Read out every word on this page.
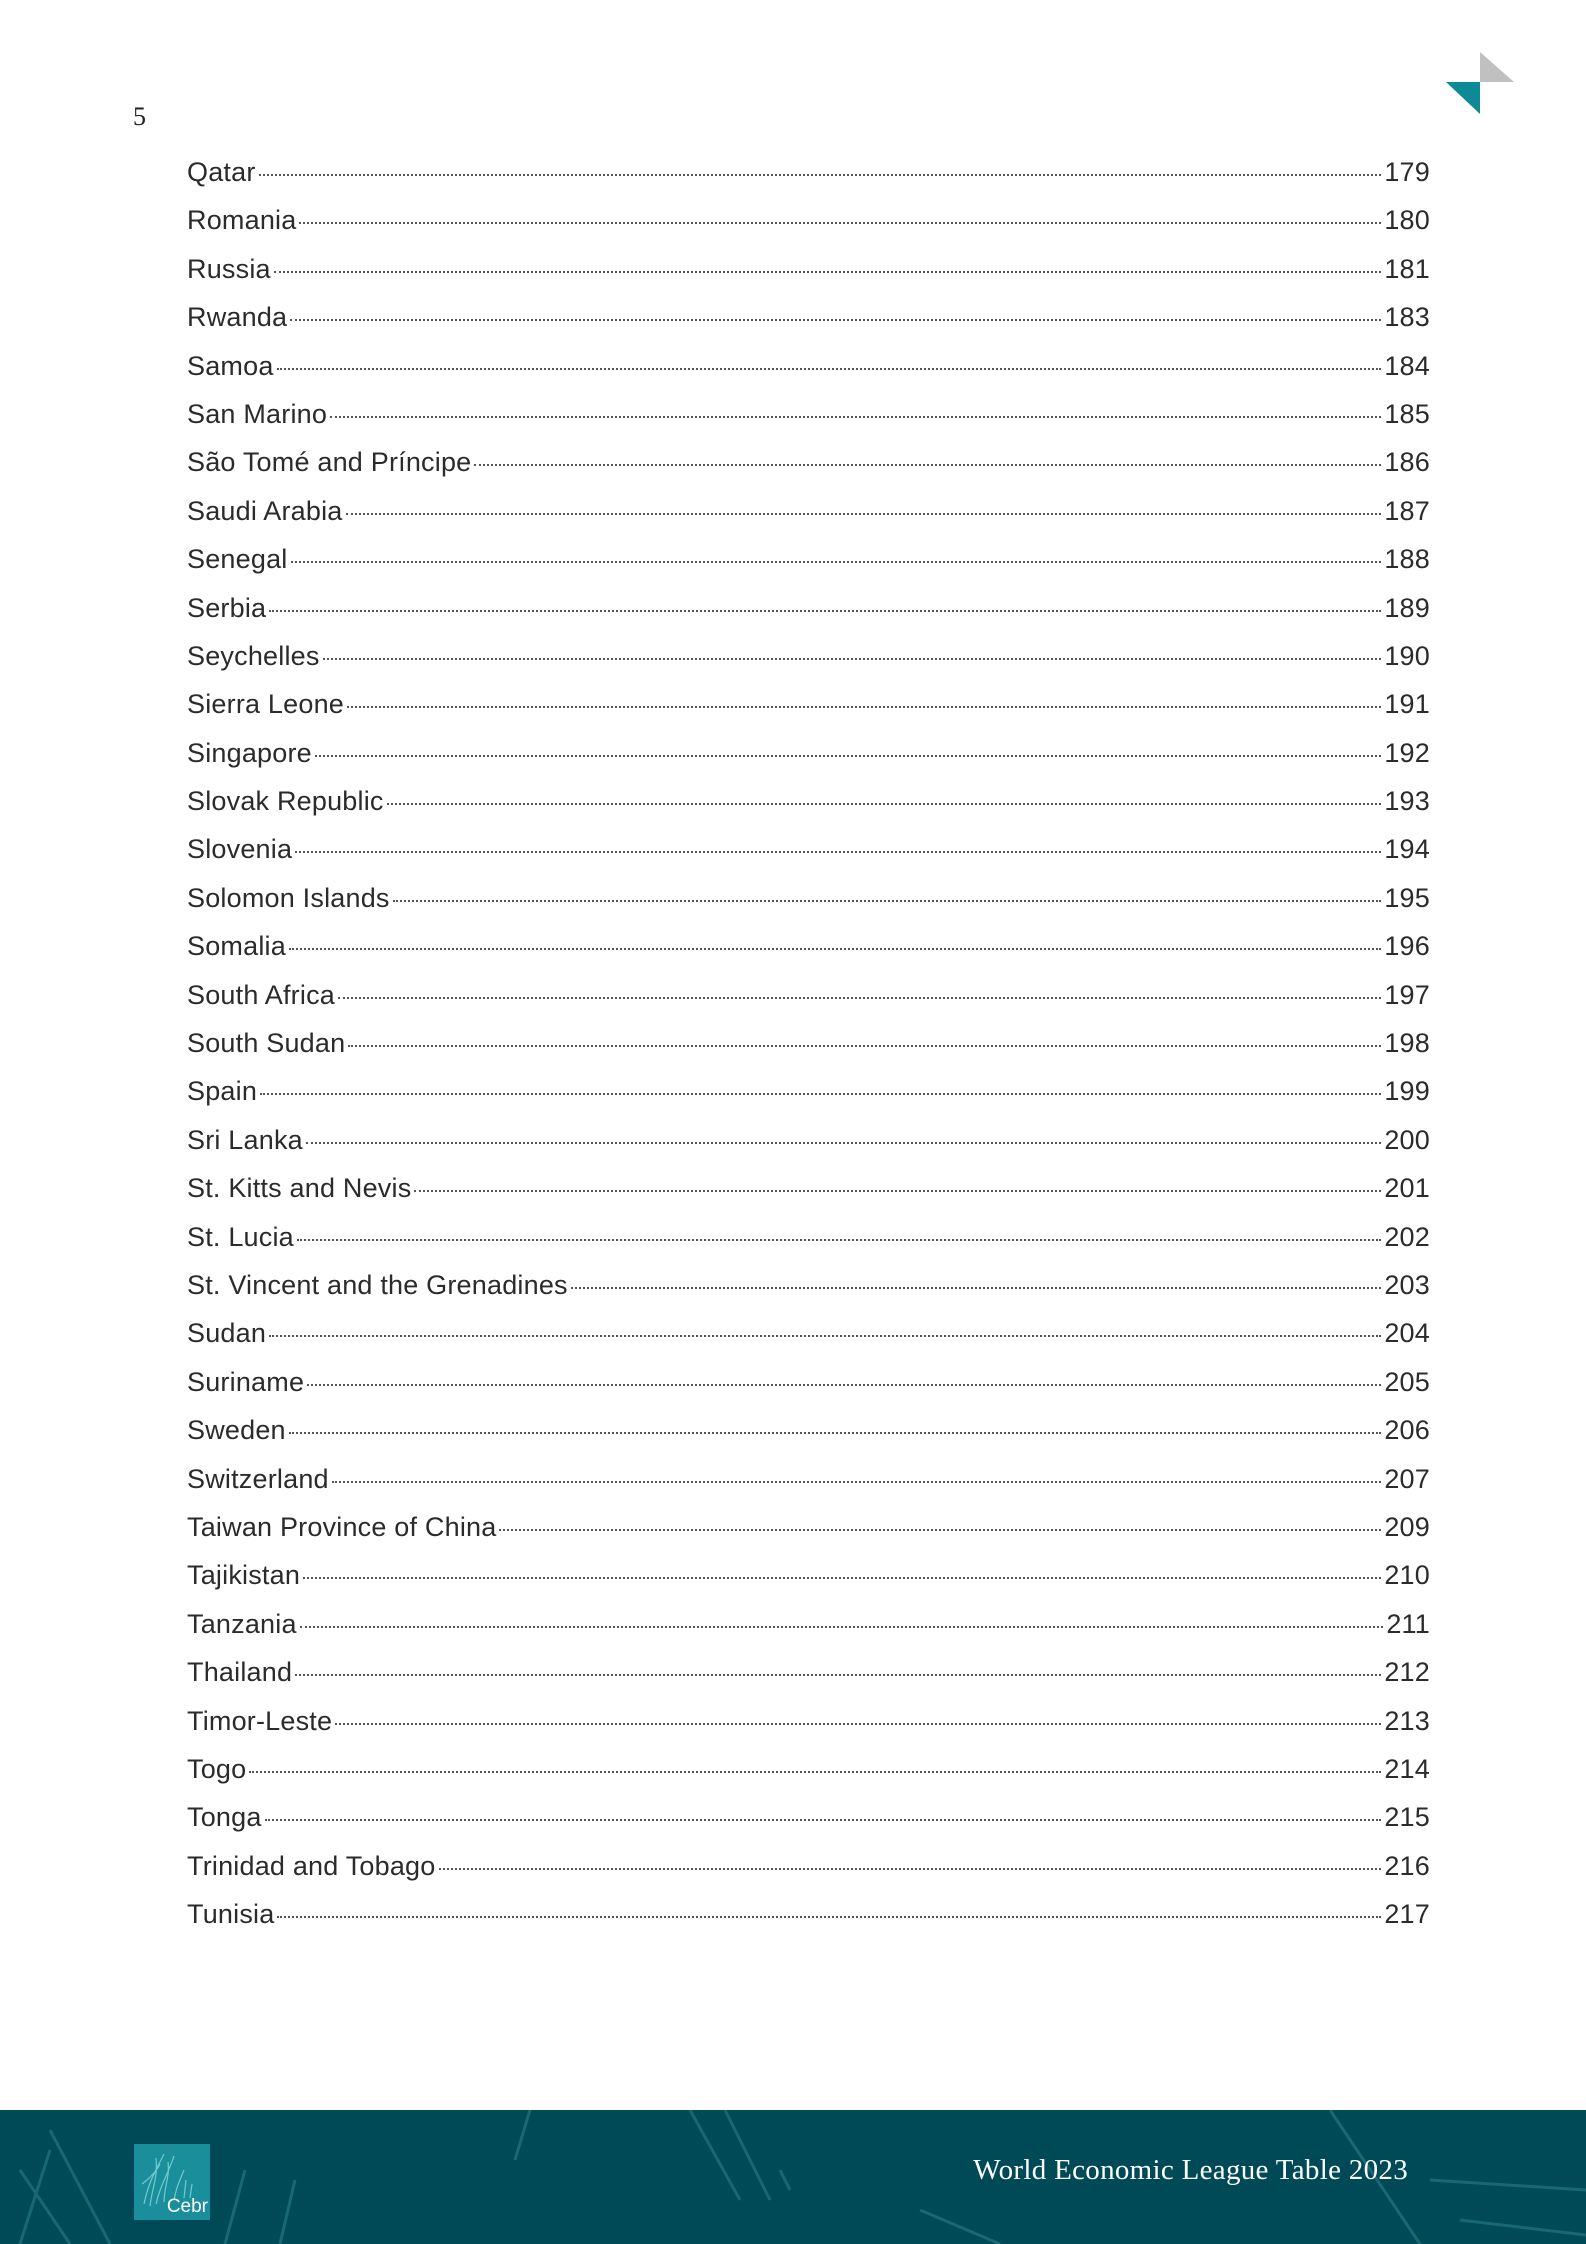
5
Qatar	179
Romania	180
Russia	181
Rwanda	183
Samoa	184
San Marino	185
São Tomé and Príncipe	186
Saudi Arabia	187
Senegal	188
Serbia	189
Seychelles	190
Sierra Leone	191
Singapore	192
Slovak Republic	193
Slovenia	194
Solomon Islands	195
Somalia	196
South Africa	197
South Sudan	198
Spain	199
Sri Lanka	200
St. Kitts and Nevis	201
St. Lucia	202
St. Vincent and the Grenadines	203
Sudan	204
Suriname	205
Sweden	206
Switzerland	207
Taiwan Province of China	209
Tajikistan	210
Tanzania	211
Thailand	212
Timor-Leste	213
Togo	214
Tonga	215
Trinidad and Tobago	216
Tunisia	217
Cebr
World Economic League Table 2023
